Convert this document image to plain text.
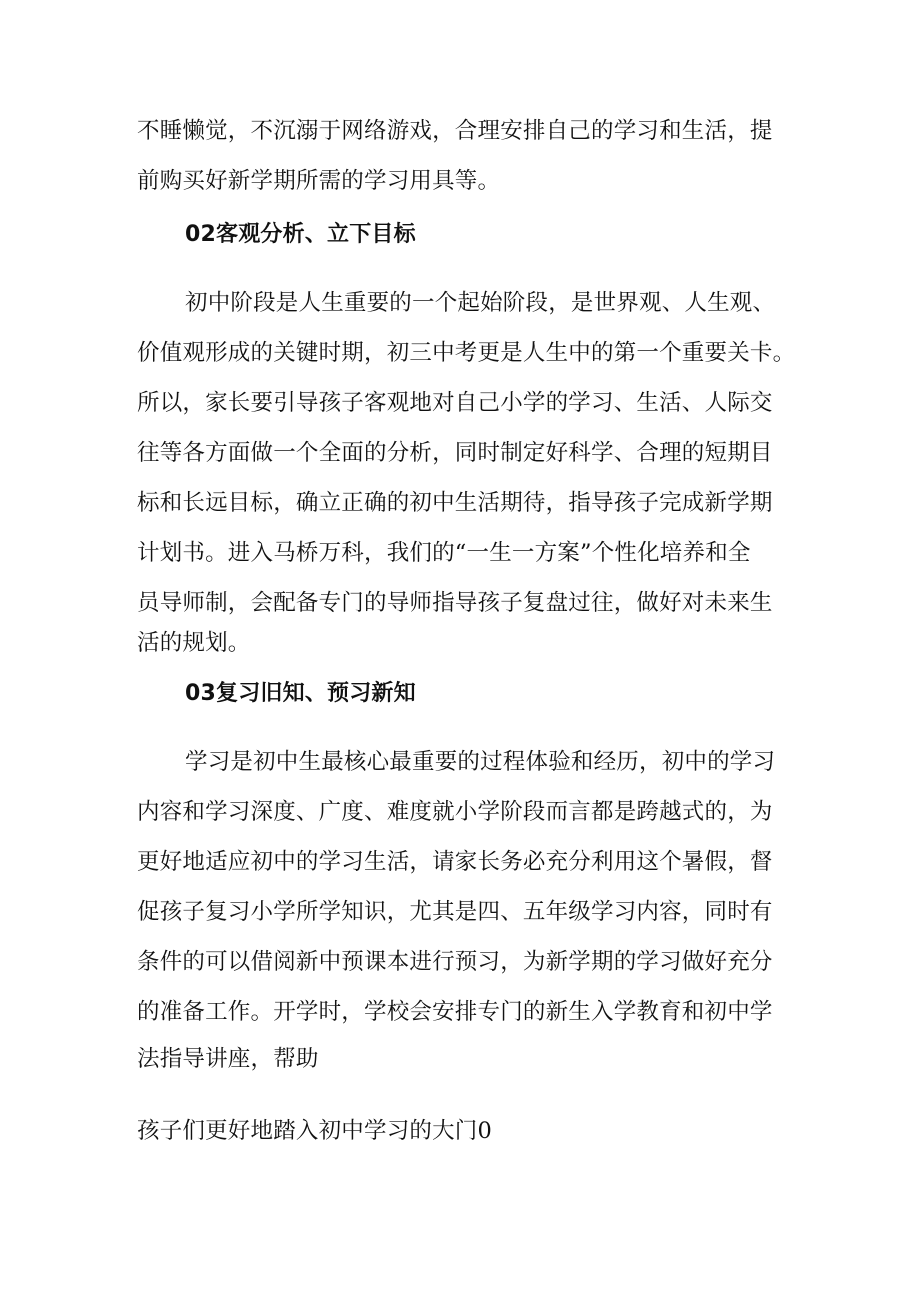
不睡懒觉，不沉溺于网络游戏，合理安排自己的学习和生活，提
前购买好新学期所需的学习用具等。
02客观分析、立下目标
初中阶段是人生重要的一个起始阶段，是世界观、人生观、
价值观形成的关键时期，初三中考更是人生中的第一个重要关卡。
所以，家长要引导孩子客观地对自己小学的学习、生活、人际交
往等各方面做一个全面的分析，同时制定好科学、合理的短期目
标和长远目标，确立正确的初中生活期待，指导孩子完成新学期
计划书。进入马桥万科，我们的“一生一方案”个性化培养和全
员导师制，会配备专门的导师指导孩子复盘过往，做好对未来生
活的规划。
03复习旧知、预习新知
学习是初中生最核心最重要的过程体验和经历，初中的学习
内容和学习深度、广度、难度就小学阶段而言都是跨越式的，为
更好地适应初中的学习生活，请家长务必充分利用这个暑假，督
促孩子复习小学所学知识，尤其是四、五年级学习内容，同时有
条件的可以借阅新中预课本进行预习，为新学期的学习做好充分
的准备工作。开学时，学校会安排专门的新生入学教育和初中学
法指导讲座，帮助
孩子们更好地踏入初中学习的大门0
